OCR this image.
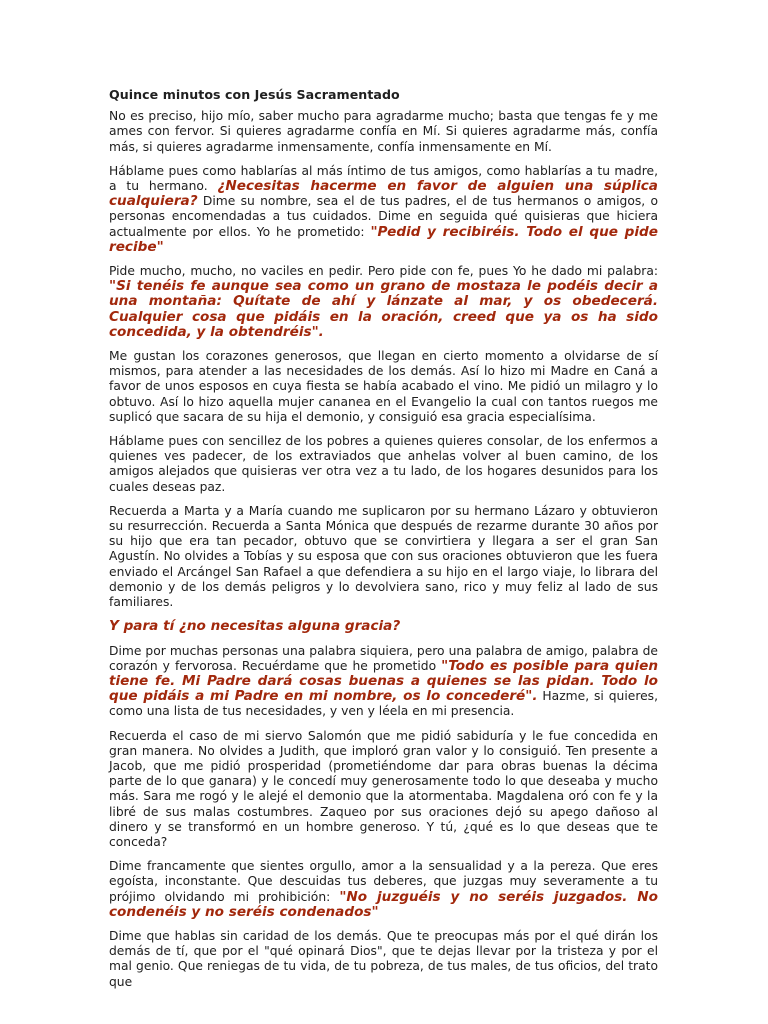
Quince minutos con Jesús Sacramentado
No es preciso, hijo mío, saber mucho para agradarme mucho; basta que tengas fe y me ames con fervor. Si quieres agradarme confía en Mí. Si quieres agradarme más, confía más, si quieres agradarme inmensamente, confía inmensamente en Mí.
Háblame pues como hablarías al más íntimo de tus amigos, como hablarías a tu madre, a tu hermano. ¿Necesitas hacerme en favor de alguien una súplica cualquiera? Dime su nombre, sea el de tus padres, el de tus hermanos o amigos, o personas encomendadas a tus cuidados. Dime en seguida qué quisieras que hiciera actualmente por ellos. Yo he prometido: "Pedid y recibiréis. Todo el que pide recibe"
Pide mucho, mucho, no vaciles en pedir. Pero pide con fe, pues Yo he dado mi palabra: "Si tenéis fe aunque sea como un grano de mostaza le podéis decir a una montaña: Quítate de ahí y lánzate al mar, y os obedecerá. Cualquier cosa que pidáis en la oración, creed que ya os ha sido concedida, y la obtendréis".
Me gustan los corazones generosos, que llegan en cierto momento a olvidarse de sí mismos, para atender a las necesidades de los demás. Así lo hizo mi Madre en Caná a favor de unos esposos en cuya fiesta se había acabado el vino. Me pidió un milagro y lo obtuvo. Así lo hizo aquella mujer cananea en el Evangelio la cual con tantos ruegos me suplicó que sacara de su hija el demonio, y consiguió esa gracia especialísima.
Háblame pues con sencillez de los pobres a quienes quieres consolar, de los enfermos a quienes ves padecer, de los extraviados que anhelas volver al buen camino, de los amigos alejados que quisieras ver otra vez a tu lado, de los hogares desunidos para los cuales deseas paz.
Recuerda a Marta y a María cuando me suplicaron por su hermano Lázaro y obtuvieron su resurrección. Recuerda a Santa Mónica que después de rezarme durante 30 años por su hijo que era tan pecador, obtuvo que se convirtiera y llegara a ser el gran San Agustín. No olvides a Tobías y su esposa que con sus oraciones obtuvieron que les fuera enviado el Arcángel San Rafael a que defendiera a su hijo en el largo viaje, lo librara del demonio y de los demás peligros y lo devolviera sano, rico y muy feliz al lado de sus familiares.
Y para tí ¿no necesitas alguna gracia?
Dime por muchas personas una palabra siquiera, pero una palabra de amigo, palabra de corazón y fervorosa. Recuérdame que he prometido "Todo es posible para quien tiene fe. Mi Padre dará cosas buenas a quienes se las pidan. Todo lo que pidáis a mi Padre en mi nombre, os lo concederé". Hazme, si quieres, como una lista de tus necesidades, y ven y léela en mi presencia.
Recuerda el caso de mi siervo Salomón que me pidió sabiduría y le fue concedida en gran manera. No olvides a Judith, que imploró gran valor y lo consiguió. Ten presente a Jacob, que me pidió prosperidad (prometiéndome dar para obras buenas la décima parte de lo que ganara) y le concedí muy generosamente todo lo que deseaba y mucho más. Sara me rogó y le alejé el demonio que la atormentaba. Magdalena oró con fe y la libré de sus malas costumbres. Zaqueo por sus oraciones dejó su apego dañoso al dinero y se transformó en un hombre generoso. Y tú, ¿qué es lo que deseas que te conceda?
Dime francamente que sientes orgullo, amor a la sensualidad y a la pereza. Que eres egoísta, inconstante. Que descuidas tus deberes, que juzgas muy severamente a tu prójimo olvidando mi prohibición: "No juzguéis y no seréis juzgados. No condenéis y no seréis condenados"
Dime que hablas sin caridad de los demás. Que te preocupas más por el qué dirán los demás de tí, que por el "qué opinará Dios", que te dejas llevar por la tristeza y por el mal genio. Que reniegas de tu vida, de tu pobreza, de tus males, de tus oficios, del trato que
